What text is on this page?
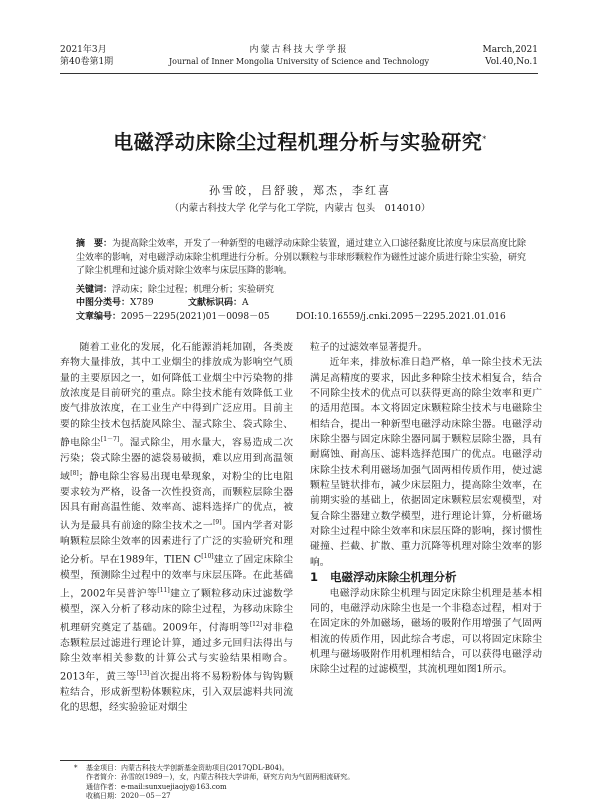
2021年3月
第40卷第1期
内蒙古科技大学学报
Journal of Inner Mongolia University of Science and Technology
March,2021
Vol.40,No.1
电磁浮动床除尘过程机理分析与实验研究*
孙雪皎，吕舒骏，郑杰，李红喜
（内蒙古科技大学 化学与化工学院，内蒙古 包头　014010）
摘　要：为提高除尘效率，开发了一种新型的电磁浮动床除尘装置，通过建立入口滤径黏度比浓度与床层高度比除尘效率的影响，对电磁浮动床除尘机理进行分析。分别以颗粒与非球形颗粒作为磁性过滤介质进行除尘实验，研究了除尘机理和过滤介质对除尘效率与床层压降的影响。
关键词：浮动床；除尘过程；机理分析；实验研究
中图分类号：X789	文献标识码：A
文章编号：2095－2295(2021)01－0098－05	DOI:10.16559/j.cnki.2095－2295.2021.01.016

随着工业化的发展，化石能源消耗加剧，各类废弃物大量排放，其中工业烟尘的排放成为影响空气质量的主要原因之一，如何降低工业烟尘中污染物的排放浓度是目前研究的重点。除尘技术能有效降低工业废气排放浓度，在工业生产中得到广泛应用。目前主要的除尘技术包括旋风除尘、湿式除尘、袋式除尘、静电除尘[1－7]。湿式除尘，用水量大，容易造成二次污染；袋式除尘器的滤袋易破损，难以应用到高温领域[8]；静电除尘容易出现电晕现象，对粉尘的比电阻要求较为严格，设备一次性投资高，而颗粒层除尘器因具有耐高温性能、效率高、滤料选择广的优点，被认为是最具有前途的除尘技术之一[9]。国内学者对影响颗粒层除尘效率的因素进行了广泛的实验研究和理论分析。早在1989年，TIEN C[10]建立了固定床除尘模型，预测除尘过程中的效率与床层压降。在此基础上，2002年吴普沪等[11]建立了颗粒移动床过滤数学模型，深入分析了移动床的除尘过程，为移动床除尘机理研究奠定了基础。2009年，付海明等[12]对非稳态颗粒层过滤进行理论计算，通过多元回归法得出与除尘效率相关参数的计算公式与实验结果相吻合。2013年，黄三等[13]首次提出将不易粉粉体与钩钩颗粒结合，形成新型粉体颗粒床，引入双层滤料共同流化的思想，经实验验证对烟尘

粒子的过滤效率显著提升。

近年来，排放标准日趋严格，单一除尘技术无法满足高精度的要求，因此多种除尘技术相复合，结合不同除尘技术的优点可以获得更高的除尘效率和更广的适用范围。本文将固定床颗粒除尘技术与电磁除尘相结合，提出一种新型电磁浮动床除尘器。电磁浮动床除尘器与固定床除尘器同属于颗粒层除尘器，具有耐腐蚀、耐高压、滤料选择范围广的优点。电磁浮动床除尘技术利用磁场加强气固两相传质作用，使过滤颗粒呈链状排布，减少床层阻力，提高除尘效率，在前期实验的基础上，依据固定床颗粒层宏观模型，对复合除尘器建立数学模型，进行理论计算，分析磁场对除尘过程中除尘效率和床层压降的影响，探讨惯性碰撞、拦截、扩散、重力沉降等机理对除尘效率的影响。

1 电磁浮动床除尘机理分析

电磁浮动床除尘机理与固定床除尘机理是基本相同的，电磁浮动床除尘也是一个非稳态过程，相对于在固定床的外加磁场，磁场的吸附作用增强了气固两相流的传质作用，因此综合考虑，可以将固定床除尘机理与磁场吸附作用机理相结合，可以获得电磁浮动床除尘过程的过滤模型，其流机理如图1所示。

* 基金项目：内蒙古科技大学创新基金资助项目(2017QDL-B04)。
作者简介：孙雪皎(1989－)，女，内蒙古科技大学讲师，研究方向为气固两相流研究。
通信作者：e-mail:sunxuejiaojy@163.com
收稿日期：2020－05－27
